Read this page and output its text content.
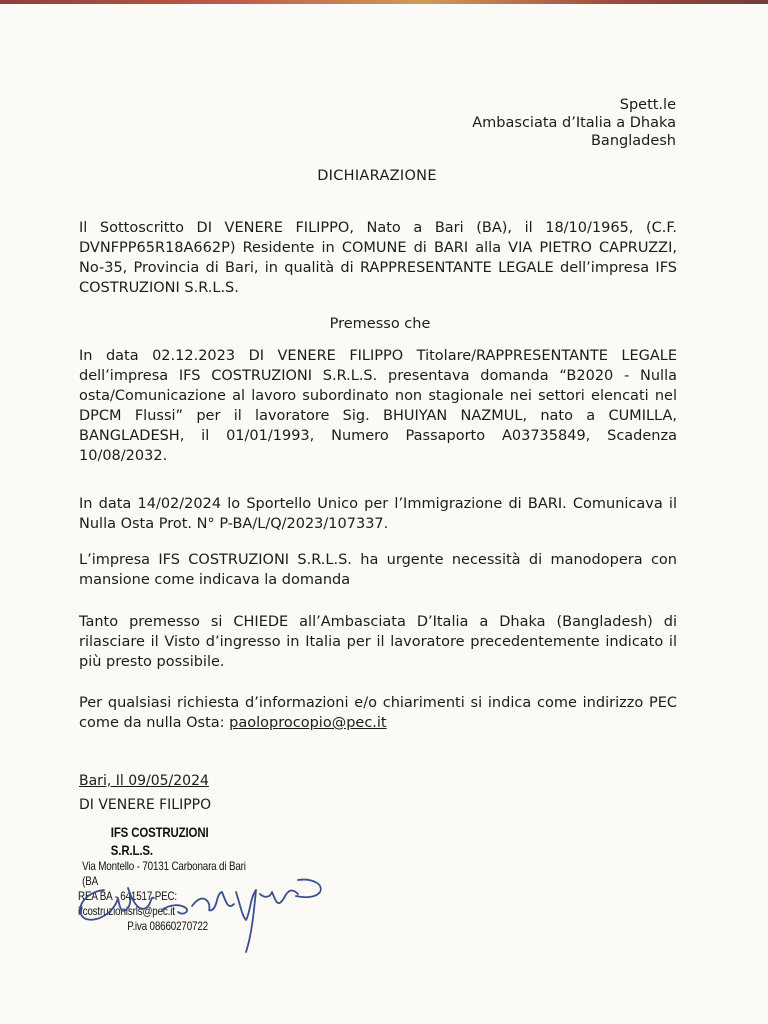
Spett.le
Ambasciata d’Italia a Dhaka
Bangladesh
DICHIARAZIONE
Il Sottoscritto DI VENERE FILIPPO, Nato a Bari (BA), il 18/10/1965, (C.F. DVNFPP65R18A662P) Residente in COMUNE di BARI alla VIA PIETRO CAPRUZZI, No-35, Provincia di Bari, in qualità di RAPPRESENTANTE LEGALE dell’impresa IFS COSTRUZIONI S.R.L.S.
Premesso che
In data 02.12.2023 DI VENERE FILIPPO Titolare/RAPPRESENTANTE LEGALE dell’impresa IFS COSTRUZIONI S.R.L.S. presentava domanda “B2020 - Nulla osta/Comunicazione al lavoro subordinato non stagionale nei settori elencati nel DPCM Flussi” per il lavoratore Sig. BHUIYAN NAZMUL, nato a CUMILLA, BANGLADESH, il 01/01/1993, Numero Passaporto A03735849, Scadenza 10/08/2032.
In data 14/02/2024 lo Sportello Unico per l’Immigrazione di BARI. Comunicava il Nulla Osta Prot. N° P-BA/L/Q/2023/107337.
L’impresa IFS COSTRUZIONI S.R.L.S. ha urgente necessità di manodopera con mansione come indicava la domanda
Tanto premesso si CHIEDE all’Ambasciata D’Italia a Dhaka (Bangladesh) di rilasciare il Visto d’ingresso in Italia per il lavoratore precedentemente indicato il più presto possibile.
Per qualsiasi richiesta d’informazioni e/o chiarimenti si indica come indirizzo PEC come da nulla Osta: paoloprocopio@pec.it
Bari, Il 09/05/2024
DI VENERE FILIPPO
IFS COSTRUZIONI S.R.L.S.
Via Montello - 70131 Carbonara di Bari (BA
REA BA - 641517 PEC: ifcostruzionisrls@pec.it
P.iva 08660270722
